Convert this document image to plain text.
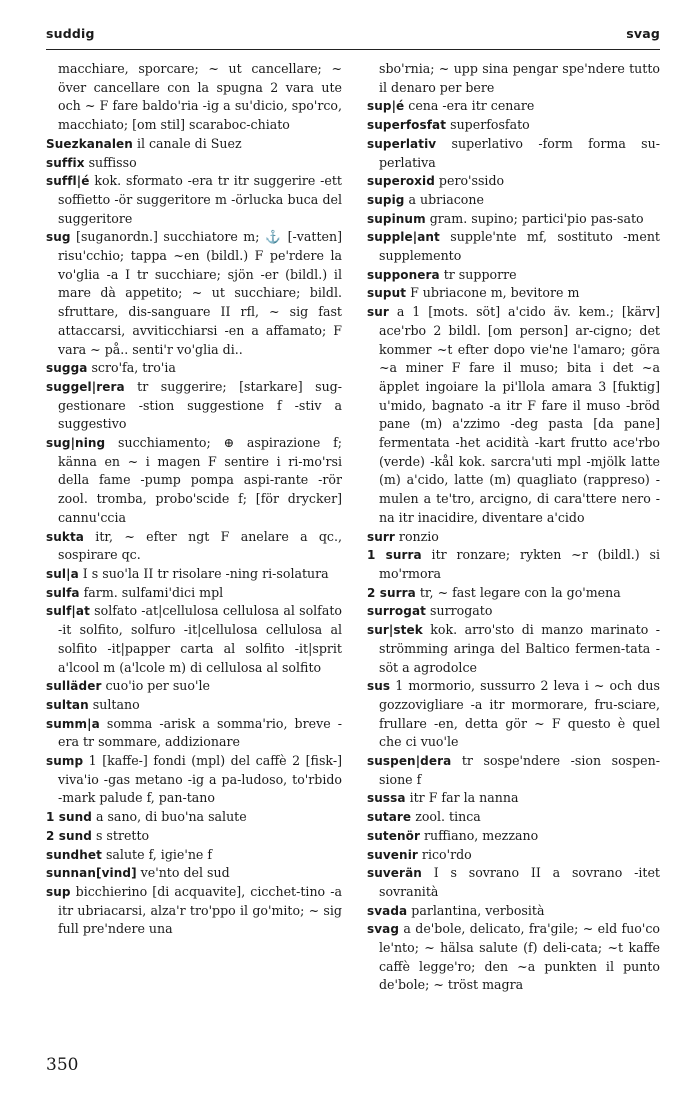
suddig	svag

macchiare, sporcare; ~ ut cancellare; ~ över cancellare con la spugna 2 vara ute och ~ F fare baldo'ria -ig a su'dicio, spo'rco, macchiato; [om stil] scaraboc-chiato

Suezkanalen il canale di Suez

suffix suffisso

suffl|é kok. sformato -era tr itr suggerire -ett soffietto -ör suggeritore m -örlucka buca del suggeritore

sug [suganordn.] succhiatore m; ⚓ [-vatten] risu'cchio; tappa ~en (bildl.) F pe'rdere la vo'glia -a I tr succhiare; sjön -er (bildl.) il mare dà appetito; ~ ut succhiare; bildl. sfruttare, dis-sanguare II rfl, ~ sig fast attaccarsi, avviticchiarsi -en a affamato; F vara ~ på.. senti'r vo'glia di..

sugga scro'fa, tro'ia

suggel|rera tr suggerire; [starkare] sug-gestionare -stion suggestione f -stiv a suggestivo

sug|ning succhiamento; ⊕ aspirazione f; känna en ~ i magen F sentire i ri-mo'rsi della fame -pump pompa aspi-rante -rör zool. tromba, probo'scide f; [för drycker] cannu'ccia

sukta itr, ~ efter ngt F anelare a qc., sospirare qc.

sul|a I s suo'la II tr risolare -ning ri-solatura

sulfa farm. sulfami'dici mpl

sulf|at solfato -at|cellulosa cellulosa al solfato -it solfito, solfuro -it|cellulosa cellulosa al solfito -it|papper carta al solfito -it|sprit a'lcool m (a'lcole m) di cellulosa al solfito

sulläder cuo'io per suo'le

sultan sultano

summ|a somma -arisk a somma'rio, breve -era tr sommare, addizionare

sump 1 [kaffe-] fondi (mpl) del caffè 2 [fisk-] viva'io -gas metano -ig a pa-ludoso, to'rbido -mark palude f, pan-tano

1 sund a sano, di buo'na salute

2 sund s stretto

sundhet salute f, igie'ne f

sunnan[vind] ve'nto del sud

sup bicchierino [di acquavite], cicchet-tino -a itr ubriacarsi, alza'r tro'ppo il go'mito; ~ sig full pre'ndere una

sbo'rnia; ~ upp sina pengar spe'ndere tutto il denaro per bere

sup|é cena -era itr cenare

superfosfat superfosfato

superlativ superlativo -form forma su-perlativa

superoxid pero'ssido

supig a ubriacone

supinum gram. supino; partici'pio pas-sato

supple|ant supple'nte mf, sostituto -ment supplemento

supponera tr supporre

suput F ubriacone m, bevitore m

sur a 1 [mots. söt] a'cido äv. kem.; [kärv] ace'rbo 2 bildl. [om person] ar-cigno; det kommer ~t efter dopo vie'ne l'amaro; göra ~a miner F fare il muso; bita i det ~a äpplet ingoiare la pi'llola amara 3 [fuktig] u'mido, bagnato -a itr F fare il muso -bröd pane (m) a'zzimo -deg pasta [da pane] fermentata -het acidità -kart frutto ace'rbo (verde) -kål kok. sarcra'uti mpl -mjölk latte (m) a'cido, latte (m) quagliato (rappreso) -mulen a te'tro, arcigno, di cara'ttere nero -na itr inacidire, diventare a'cido

surr ronzio

1 surra itr ronzare; rykten ~r (bildl.) si mo'rmora

2 surra tr, ~ fast legare con la go'mena

surrogat surrogato

sur|stek kok. arro'sto di manzo marinato -strömming aringa del Baltico fermen-tata -söt a agrodolce

sus 1 mormorio, sussurro 2 leva i ~ och dus gozzovigliare -a itr mormorare, fru-sciare, frullare -en, detta gör ~ F questo è quel che ci vuo'le

suspen|dera tr sospe'ndere -sion sospen-sione f

sussa itr F far la nanna

sutare zool. tinca

sutenör ruffiano, mezzano

suvenir rico'rdo

suverän I s sovrano II a sovrano -itet sovranità

svada parlantina, verbosità

svag a de'bole, delicato, fra'gile; ~ eld fuo'co le'nto; ~ hälsa salute (f) deli-cata; ~t kaffe caffè legge'ro; den ~a punkten il punto de'bole; ~ tröst magra

350
